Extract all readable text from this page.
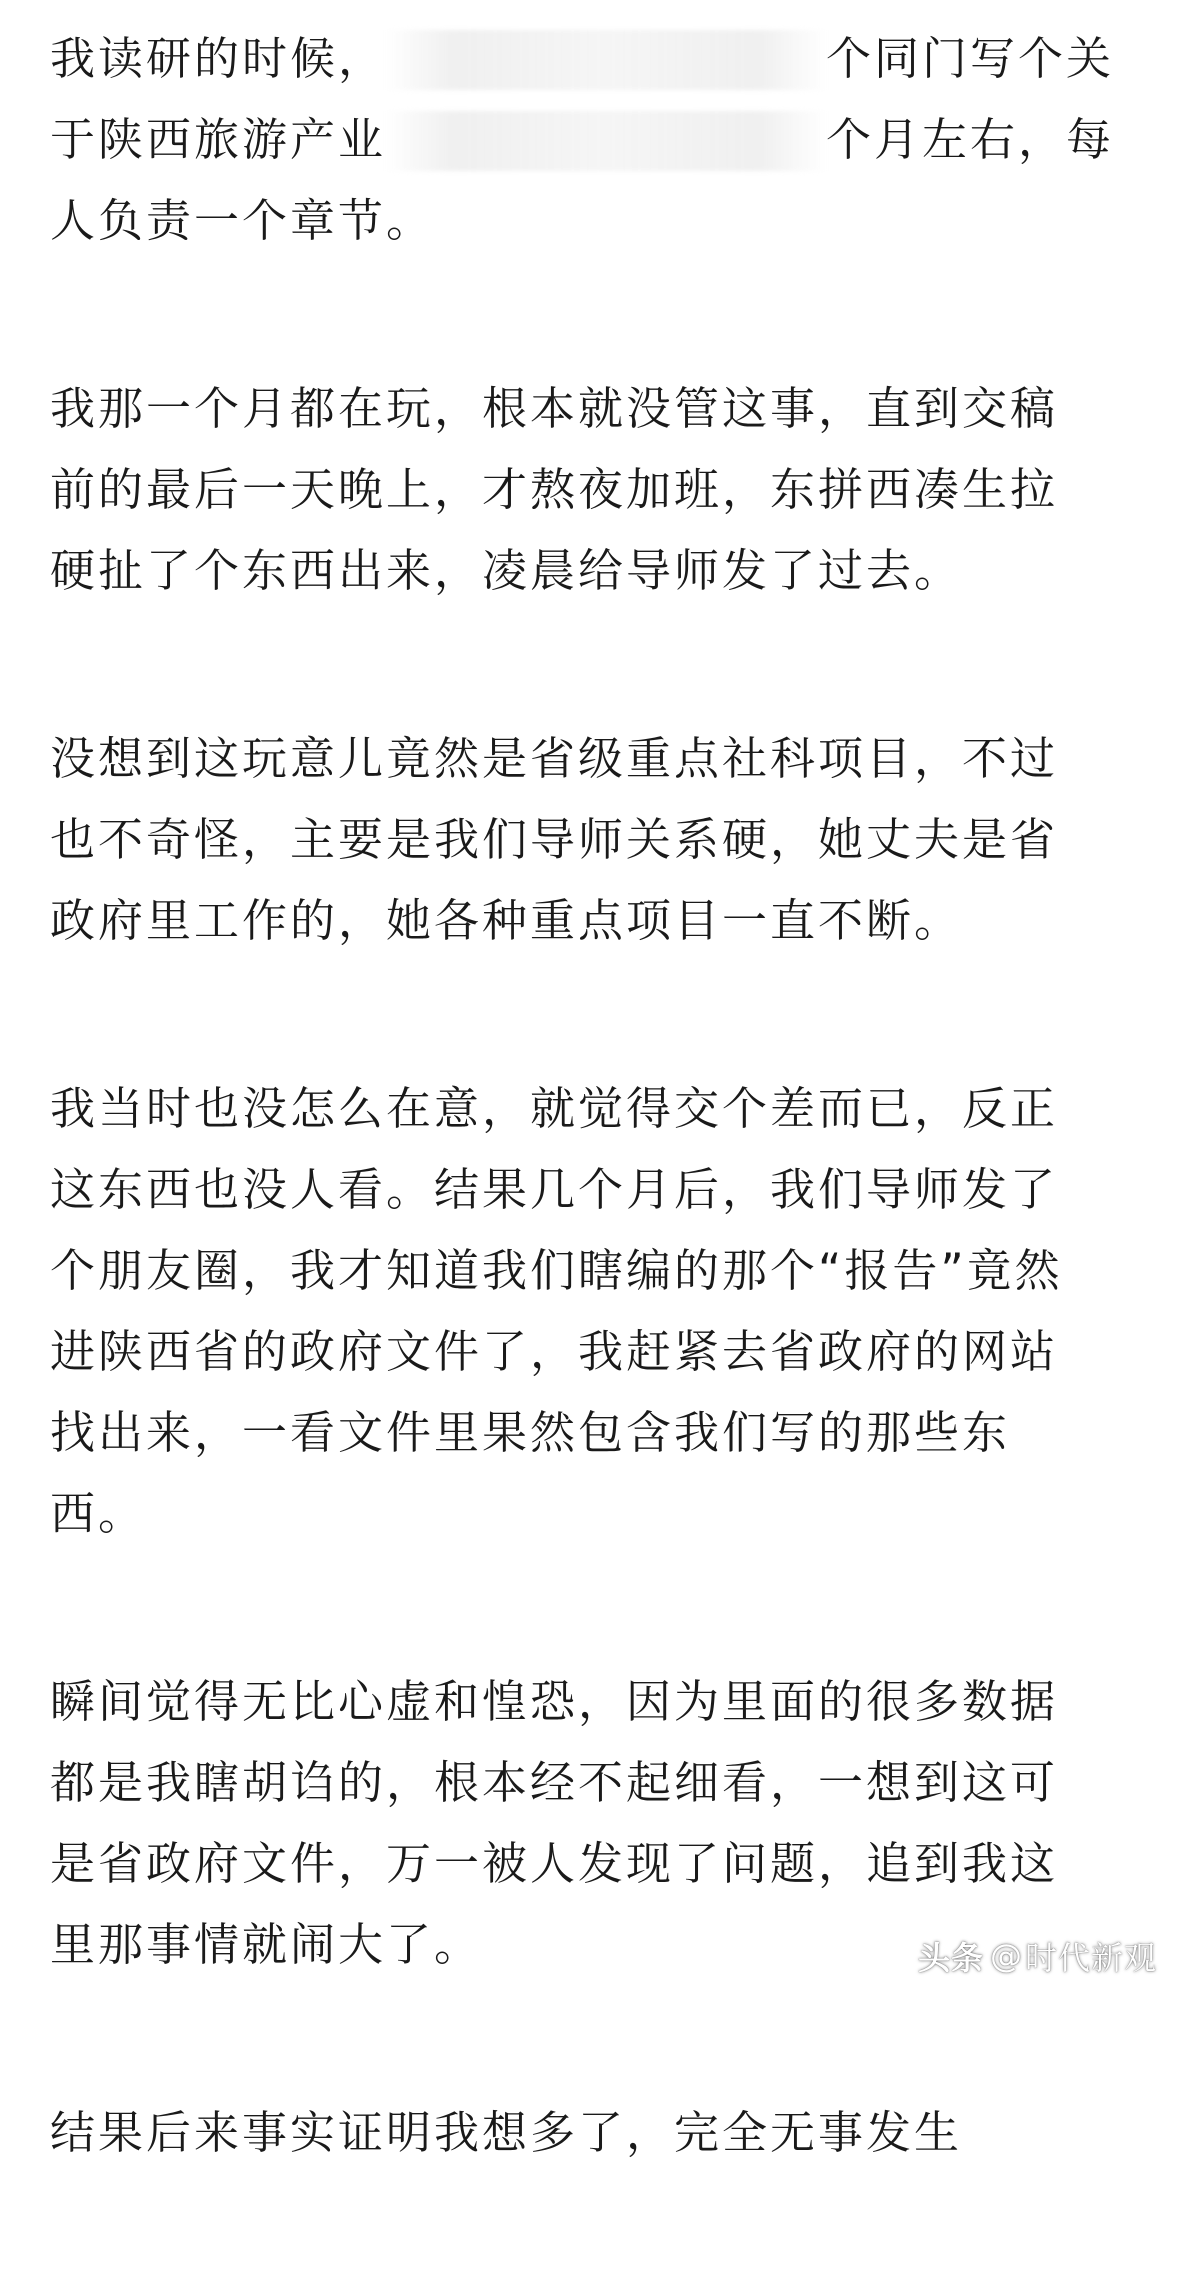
我读研的时候，	个同门写个关
于陕西旅游产业	个月左右，每
人负责一个章节。
我那一个月都在玩，根本就没管这事，直到交稿
前的最后一天晚上，才熬夜加班，东拼西凑生拉
硬扯了个东西出来，凌晨给导师发了过去。
没想到这玩意儿竟然是省级重点社科项目，不过
也不奇怪，主要是我们导师关系硬，她丈夫是省
政府里工作的，她各种重点项目一直不断。
我当时也没怎么在意，就觉得交个差而已，反正
这东西也没人看。结果几个月后，我们导师发了
个朋友圈，我才知道我们瞎编的那个“报告”竟然
进陕西省的政府文件了，我赶紧去省政府的网站
找出来，一看文件里果然包含我们写的那些东
西。
瞬间觉得无比心虚和惶恐，因为里面的很多数据
都是我瞎胡诌的，根本经不起细看，一想到这可
是省政府文件，万一被人发现了问题，追到我这
里那事情就闹大了。
结果后来事实证明我想多了，完全无事发生
头条 @ 时代新观
